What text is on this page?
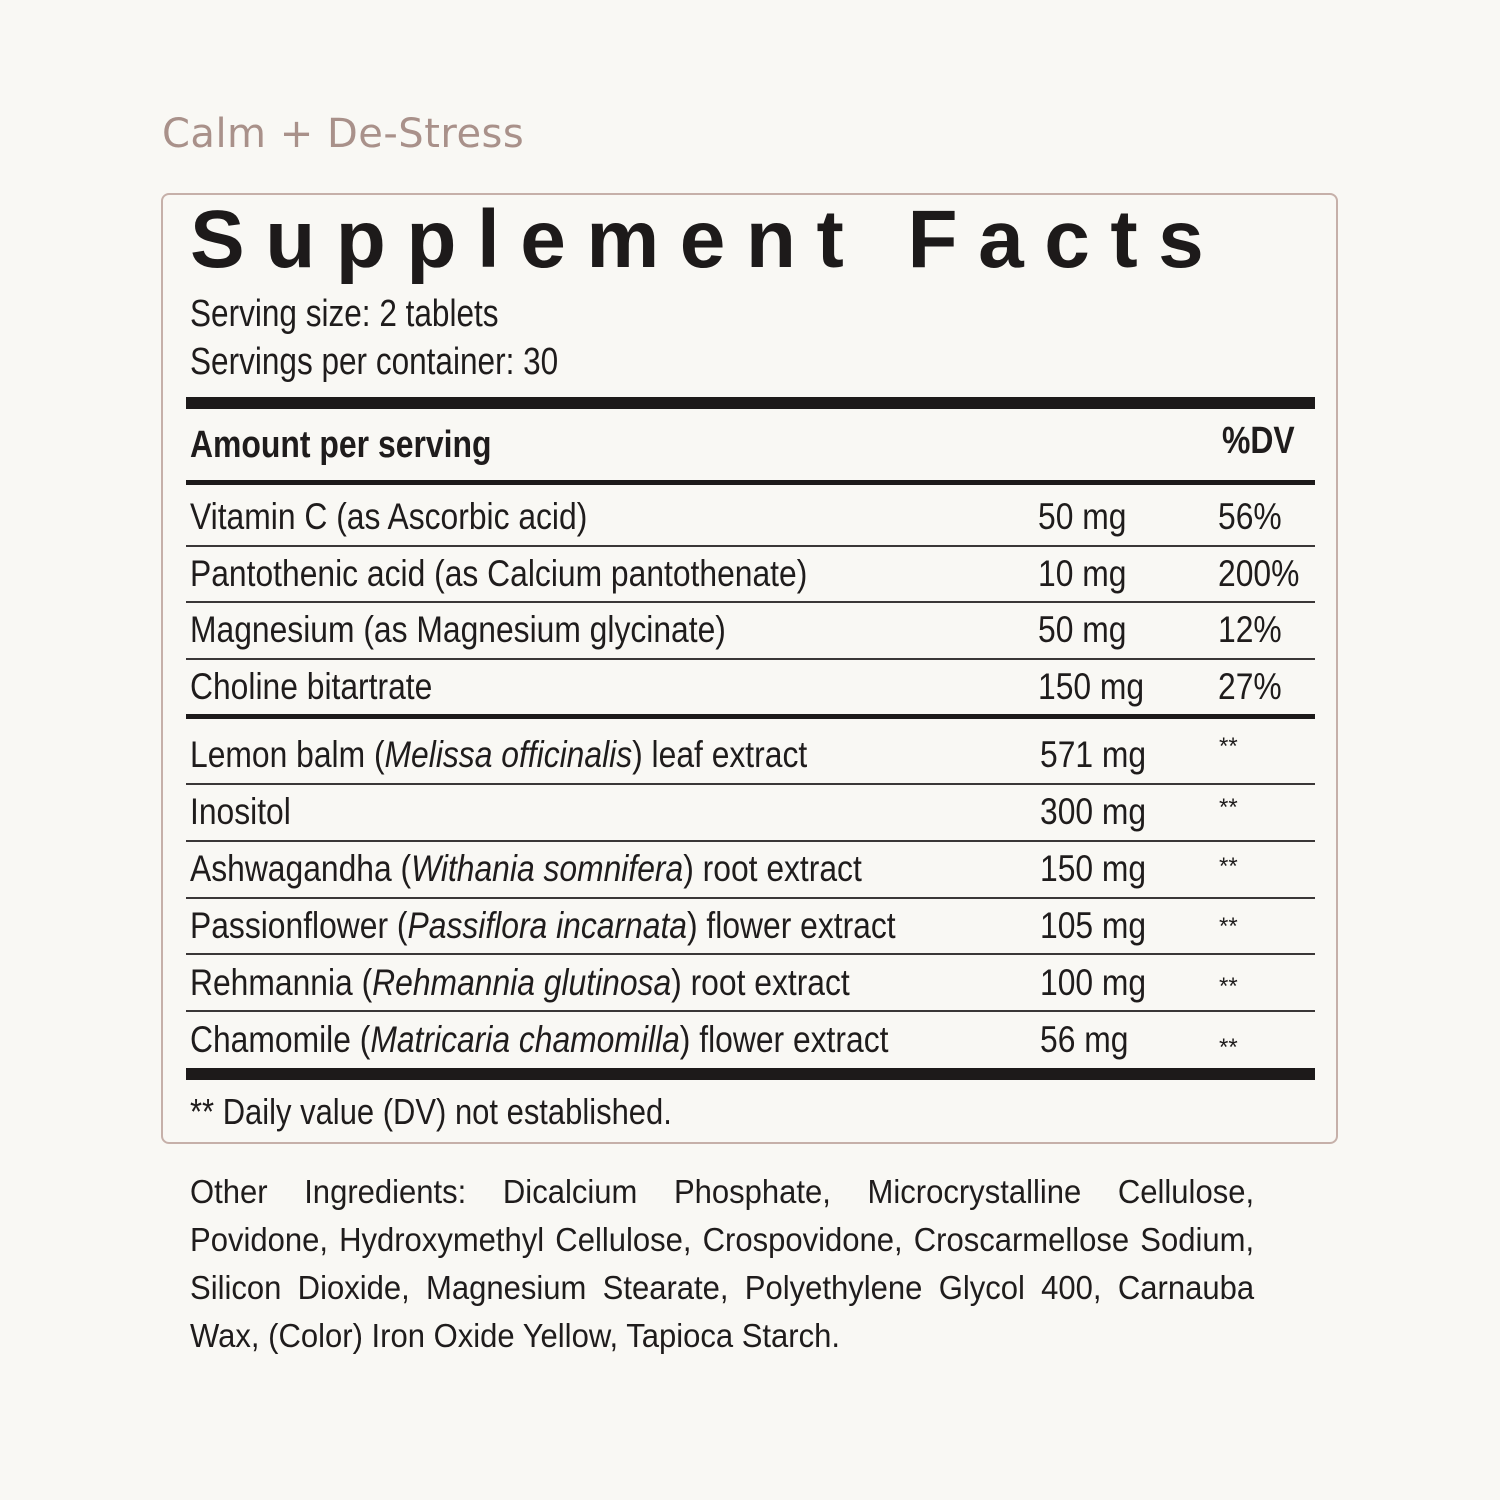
Calm + De-Stress
Supplement Facts
Serving size: 2 tablets
Servings per container: 30
Amount per serving	%DV
Vitamin C (as Ascorbic acid)	50 mg 56%
Pantothenic acid (as Calcium pantothenate)	10 mg 200%
Magnesium (as Magnesium glycinate)	50 mg 12%
Choline bitartrate	150 mg 27%
Lemon balm (Melissa officinalis) leaf extract	571 mg	**
Inositol	300 mg	**
Ashwagandha (Withania somnifera) root extract	150 mg	**
Passionflower (Passiflora incarnata) flower extract	105 mg	**
Rehmannia (Rehmannia glutinosa) root extract	100 mg	**
Chamomile (Matricaria chamomilla) flower extract	56 mg	**
** Daily value (DV) not established.
Other Ingredients: Dicalcium Phosphate, Microcrystalline Cellulose, Povidone, Hydroxymethyl Cellulose, Crospovidone, Croscarmellose Sodium, Silicon Dioxide, Magnesium Stearate, Polyethylene Glycol 400, Carnauba Wax, (Color) Iron Oxide Yellow, Tapioca Starch.
